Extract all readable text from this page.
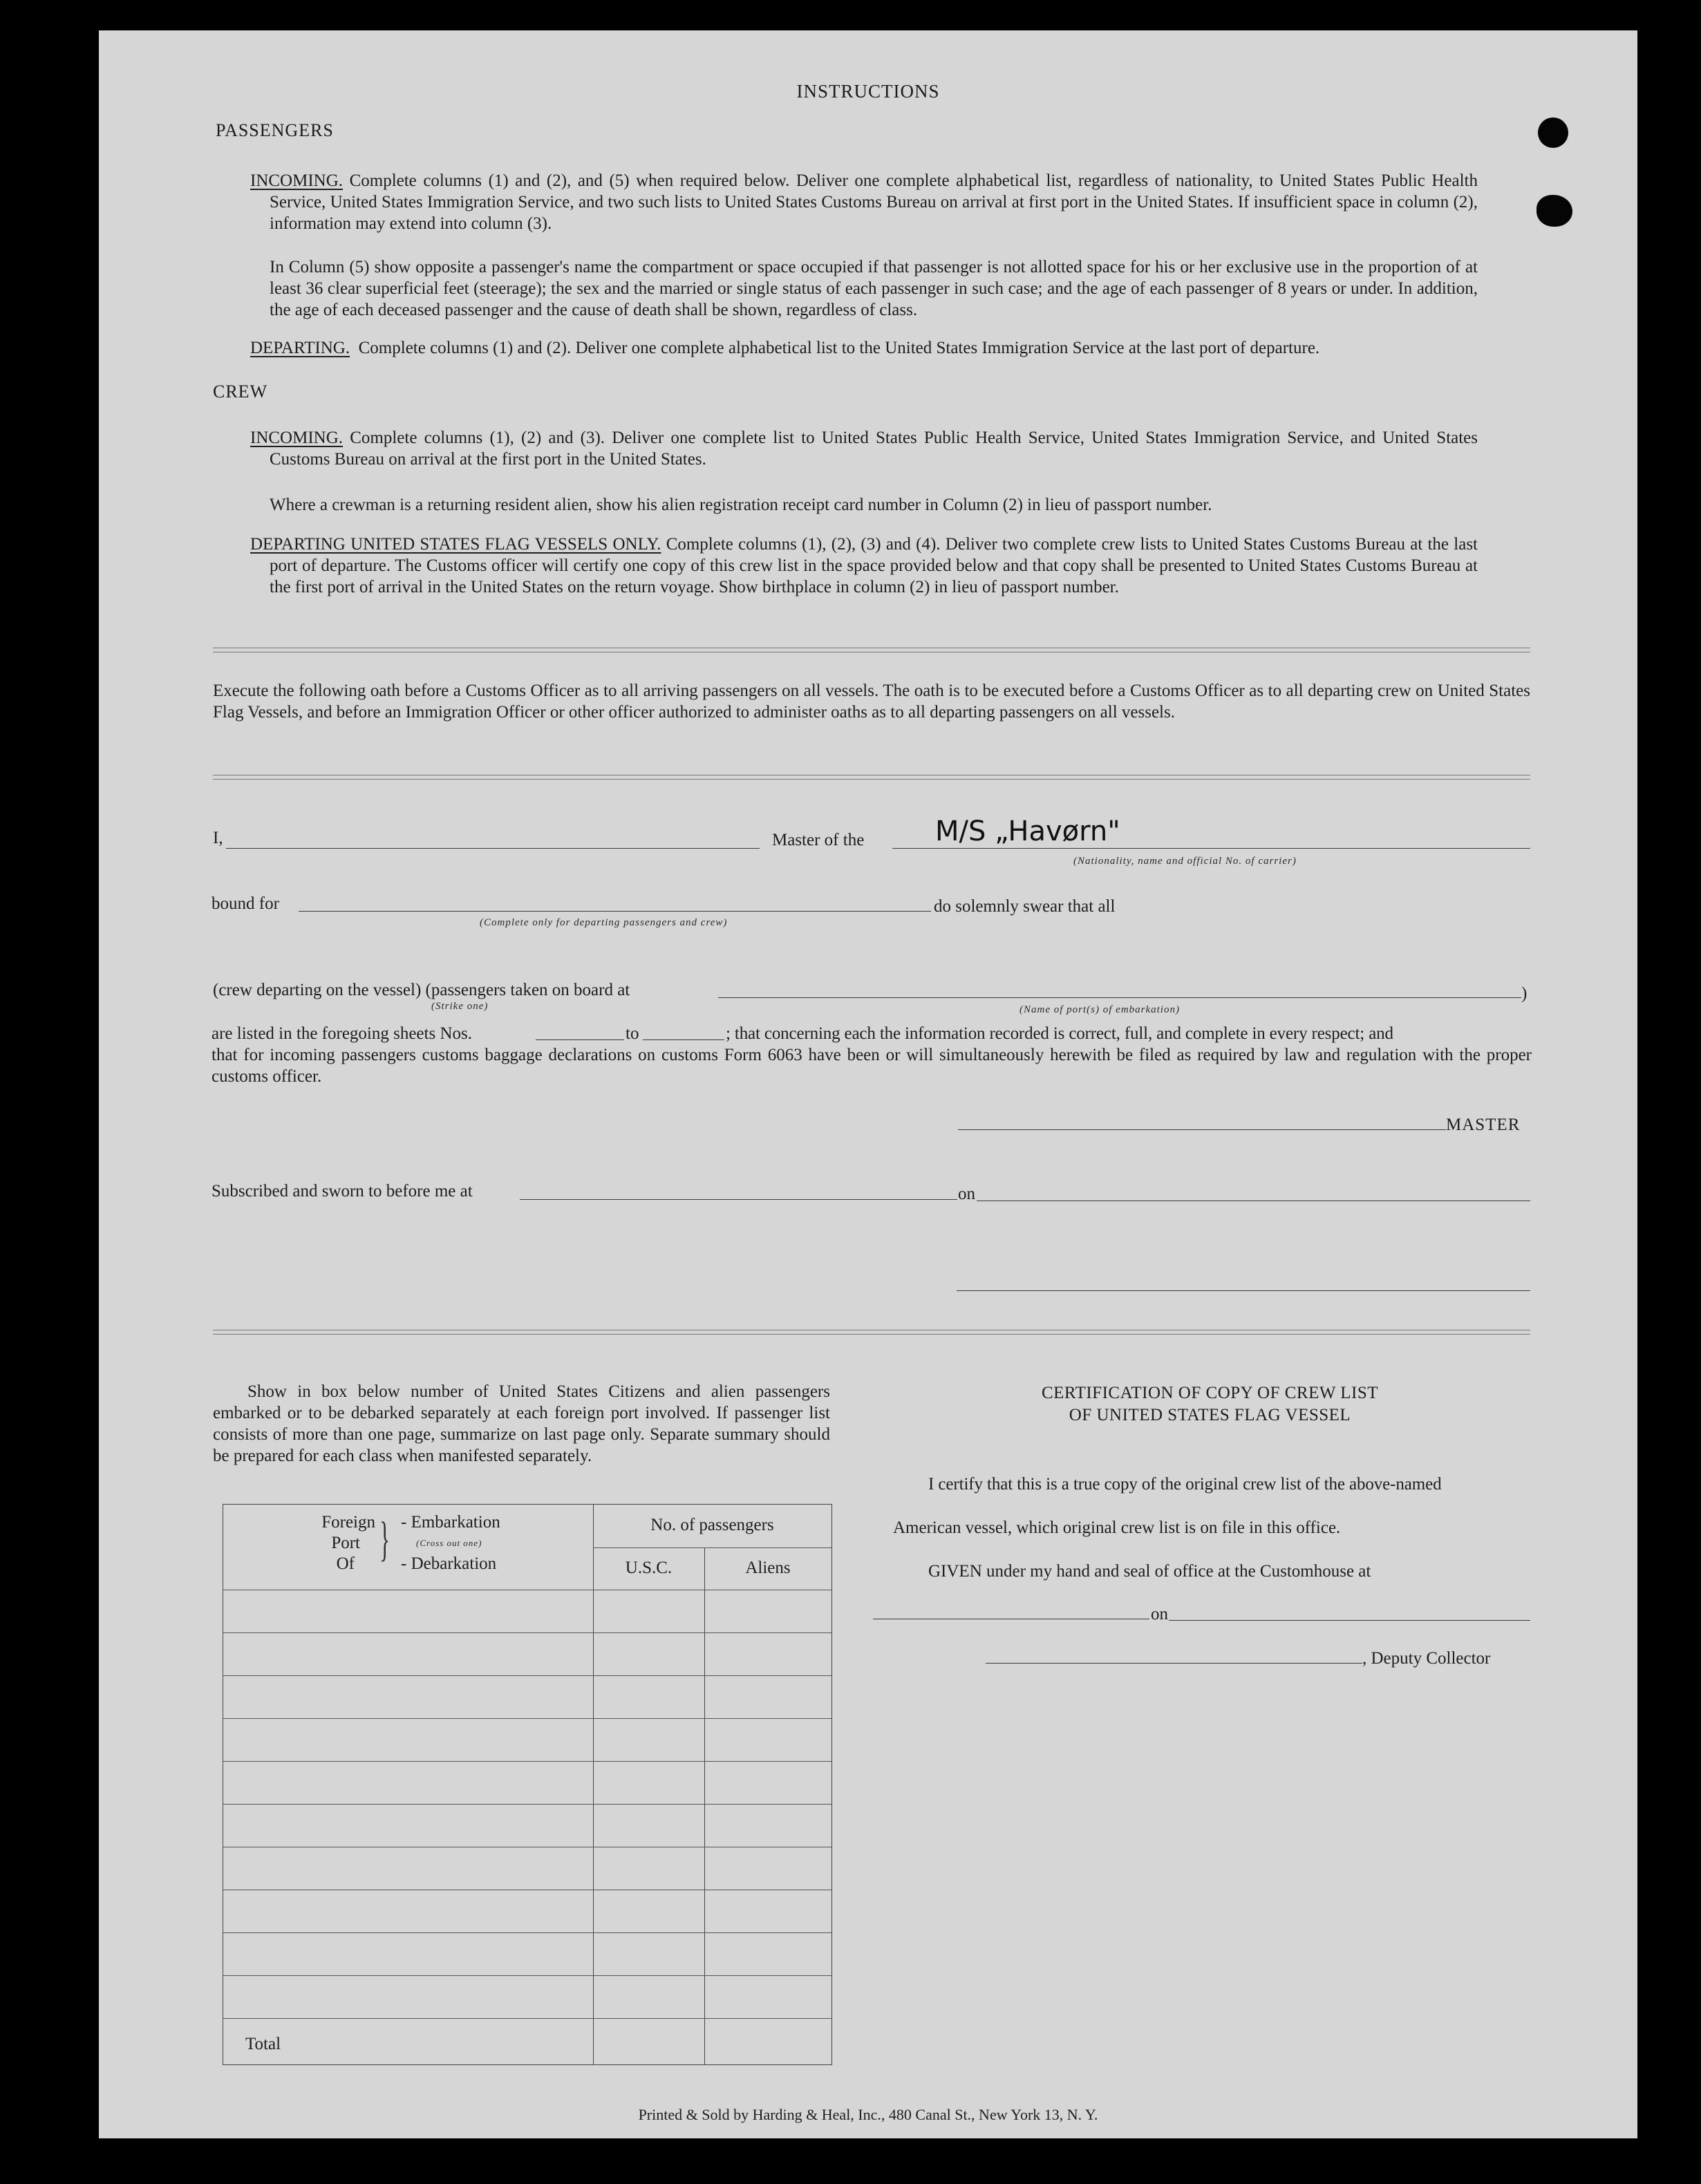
INSTRUCTIONS
PASSENGERS
INCOMING. Complete columns (1) and (2), and (5) when required below. Deliver one complete alphabetical list, regardless of nationality, to United States Public Health Service, United States Immigration Service, and two such lists to United States Customs Bureau on arrival at first port in the United States. If insufficient space in column (2), information may extend into column (3).
In Column (5) show opposite a passenger's name the compartment or space occupied if that passenger is not allotted space for his or her exclusive use in the proportion of at least 36 clear superficial feet (steerage); the sex and the married or single status of each passenger in such case; and the age of each passenger of 8 years or under. In addition, the age of each deceased passenger and the cause of death shall be shown, regardless of class.
DEPARTING. Complete columns (1) and (2). Deliver one complete alphabetical list to the United States Immigration Service at the last port of departure.
CREW
INCOMING. Complete columns (1), (2) and (3). Deliver one complete list to United States Public Health Service, United States Immigration Service, and United States Customs Bureau on arrival at the first port in the United States.
Where a crewman is a returning resident alien, show his alien registration receipt card number in Column (2) in lieu of passport number.
DEPARTING UNITED STATES FLAG VESSELS ONLY. Complete columns (1), (2), (3) and (4). Deliver two complete crew lists to United States Customs Bureau at the last port of departure. The Customs officer will certify one copy of this crew list in the space provided below and that copy shall be presented to United States Customs Bureau at the first port of arrival in the United States on the return voyage. Show birthplace in column (2) in lieu of passport number.
Execute the following oath before a Customs Officer as to all arriving passengers on all vessels. The oath is to be executed before a Customs Officer as to all departing crew on United States Flag Vessels, and before an Immigration Officer or other officer authorized to administer oaths as to all departing passengers on all vessels.
I,	Master of the	M/S „Havørn"
(Nationality, name and official No. of carrier)
bound for	do solemnly swear that all
(Complete only for departing passengers and crew)
(crew departing on the vessel) (passengers taken on board at	)
(Strike one)	(Name of port(s) of embarkation)
are listed in the foregoing sheets Nos.	to	; that concerning each the information recorded is correct, full, and complete in every respect; and
that for incoming passengers customs baggage declarations on customs Form 6063 have been or will simultaneously herewith be filed as required by law and regulation with the proper customs officer.
MASTER
Subscribed and sworn to before me at	on
Show in box below number of United States Citizens and alien passengers embarked or to be debarked separately at each foreign port involved. If passenger list consists of more than one page, summarize on last page only. Separate summary should be prepared for each class when manifested separately.
Foreign
Port
Of } - Embarkation
(Cross out one)
- Debarkation
No. of passengers
U.S.C.	Aliens
Total
CERTIFICATION OF COPY OF CREW LIST
OF UNITED STATES FLAG VESSEL
I certify that this is a true copy of the original crew list of the above-named
American vessel, which original crew list is on file in this office.
GIVEN under my hand and seal of office at the Customhouse at
on
, Deputy Collector
Printed & Sold by Harding & Heal, Inc., 480 Canal St., New York 13, N. Y.
